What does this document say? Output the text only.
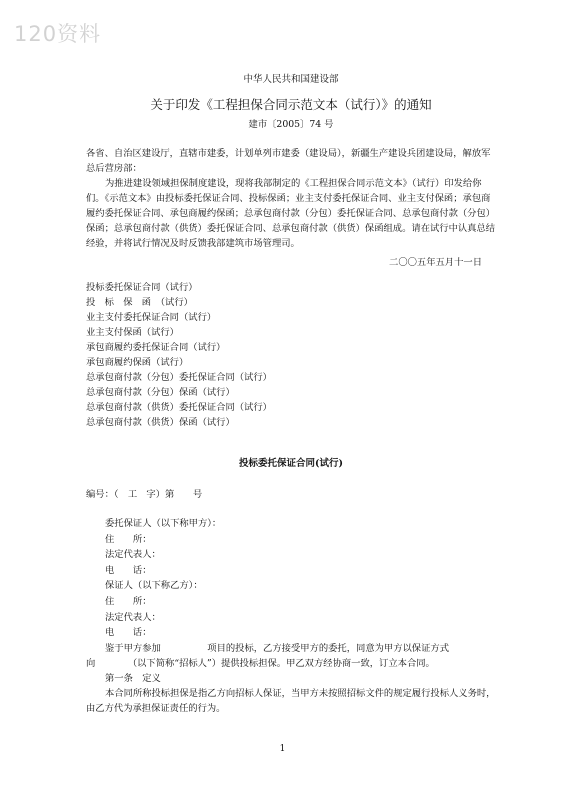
120资料
中华人民共和国建设部
关于印发《工程担保合同示范文本（试行）》的通知
建市〔2005〕74 号
各省、自治区建设厅，直辖市建委，计划单列市建委（建设局），新疆生产建设兵团建设局，解放军总后营房部：
为推进建设领域担保制度建设，现将我部制定的《工程担保合同示范文本》（试行）印发给你们。《示范文本》由投标委托保证合同、投标保函；业主支付委托保证合同、业主支付保函；承包商履约委托保证合同、承包商履约保函；总承包商付款（分包）委托保证合同、总承包商付款（分包）保函；总承包商付款（供货）委托保证合同、总承包商付款（供货）保函组成。请在试行中认真总结经验，并将试行情况及时反馈我部建筑市场管理司。
二〇〇五年五月十一日
投标委托保证合同（试行）
投　标　保　函　（试行）
业主支付委托保证合同（试行）
业主支付保函（试行）
承包商履约委托保证合同（试行）
承包商履约保函（试行）
总承包商付款（分包）委托保证合同（试行）
总承包商付款（分包）保函（试行）
总承包商付款（供货）委托保证合同（试行）
总承包商付款（供货）保函（试行）
投标委托保证合同(试行)
编号：（　工　字）第　　号
委托保证人（以下称甲方）：
住　　所：
法定代表人：
电　　话：
保证人（以下称乙方）：
住　　所：
法定代表人：
电　　话：
鉴于甲方参加　　　　　项目的投标，乙方接受甲方的委托，同意为甲方以保证方式
向　　　　（以下简称“招标人”）提供投标担保。甲乙双方经协商一致，订立本合同。
第一条　定义
本合同所称投标担保是指乙方向招标人保证，当甲方未按照招标文件的规定履行投标人义务时，由乙方代为承担保证责任的行为。
1
